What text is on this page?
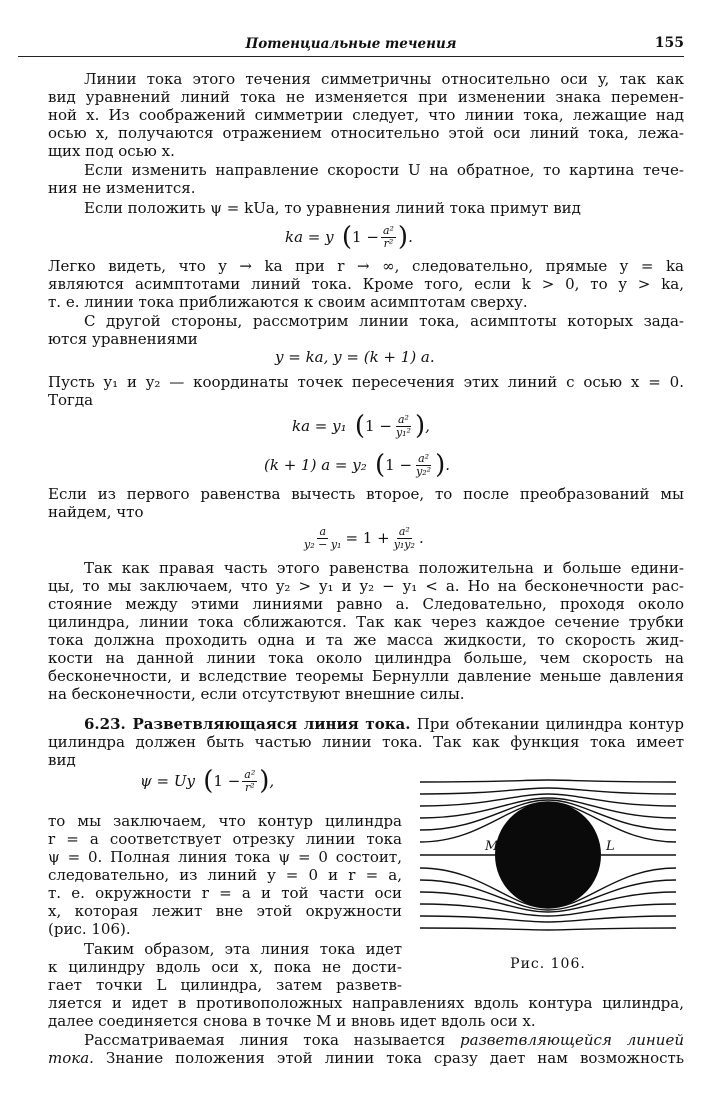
Потенциальные течения	155
Линии тока этого течения симметричны относительно оси y, так как
вид уравнений линий тока не изменяется при изменении знака перемен-
ной x. Из соображений симметрии следует, что линии тока, лежащие над
осью x, получаются отражением относительно этой оси линий тока, лежа-
щих под осью x.
Если изменить направление скорости U на обратное, то картина тече-
ния не изменится.
Если положить ψ = kUa, то уравнения линий тока примут вид
ka = y ( $1 - \frac{\text{a²}}{\text{r²}}$ ) .
Легко видеть, что y → ka при r → ∞, следовательно, прямые y = ka
являются асимптотами линий тока. Кроме того, если k > 0, то y > ka,
т. е. линии тока приближаются к своим асимптотам сверху.
С другой стороны, рассмотрим линии тока, асимптоты которых зада-
ются уравнениями
y = ka, y = (k + 1) a.
Пусть y₁ и y₂ — координаты точек пересечения этих линий с осью x = 0.
Тогда
ka = y₁ ( $1 - \frac{\text{a²}}{\text{y₁²}}$ ) ,
(k + 1) a = y₂ ( $1 - \frac{\text{a²}}{\text{y₂²}}$ ) .
Если из первого равенства вычесть второе, то после преобразований мы
найдем, что
$\frac{a}{\text{y₂ − y₁}} = 1 + \frac{\text{a²}}{\text{y₁y₂}}$ .
Так как правая часть этого равенства положительна и больше едини-
цы, то мы заключаем, что y₂ > y₁ и y₂ − y₁ < a. Но на бесконечности рас-
стояние между этими линиями равно a. Следовательно, проходя около
цилиндра, линии тока сближаются. Так как через каждое сечение трубки
тока должна проходить одна и та же масса жидкости, то скорость жид-
кости на данной линии тока около цилиндра больше, чем скорость на
бесконечности, и вследствие теоремы Бернулли давление меньше давления
на бесконечности, если отсутствуют внешние силы.
6.23. Разветвляющаяся линия тока. При обтекании цилиндра контур
цилиндра должен быть частью линии тока. Так как функция тока имеет
вид
ψ = Uy ( $1 - \frac{\text{a²}}{\text{r²}}$ ) ,
то мы заключаем, что контур цилиндра
r = a соответствует отрезку линии тока
ψ = 0. Полная линия тока ψ = 0 состоит,
следовательно, из линий y = 0 и r = a,
т. е. окружности r = a и той части оси
x, которая лежит вне этой окружности
(рис. 106).
Таким образом, эта линия тока идет
к цилиндру вдоль оси x, пока не дости-
гает точки L цилиндра, затем разветв-
ляется и идет в противоположных направлениях вдоль контура цилиндра,
далее соединяется снова в точке M и вновь идет вдоль оси x.
Рассматриваемая линия тока называется разветвляющейся линией
тока. Знание положения этой линии тока сразу дает нам возможность
M	L
Рис. 106.
